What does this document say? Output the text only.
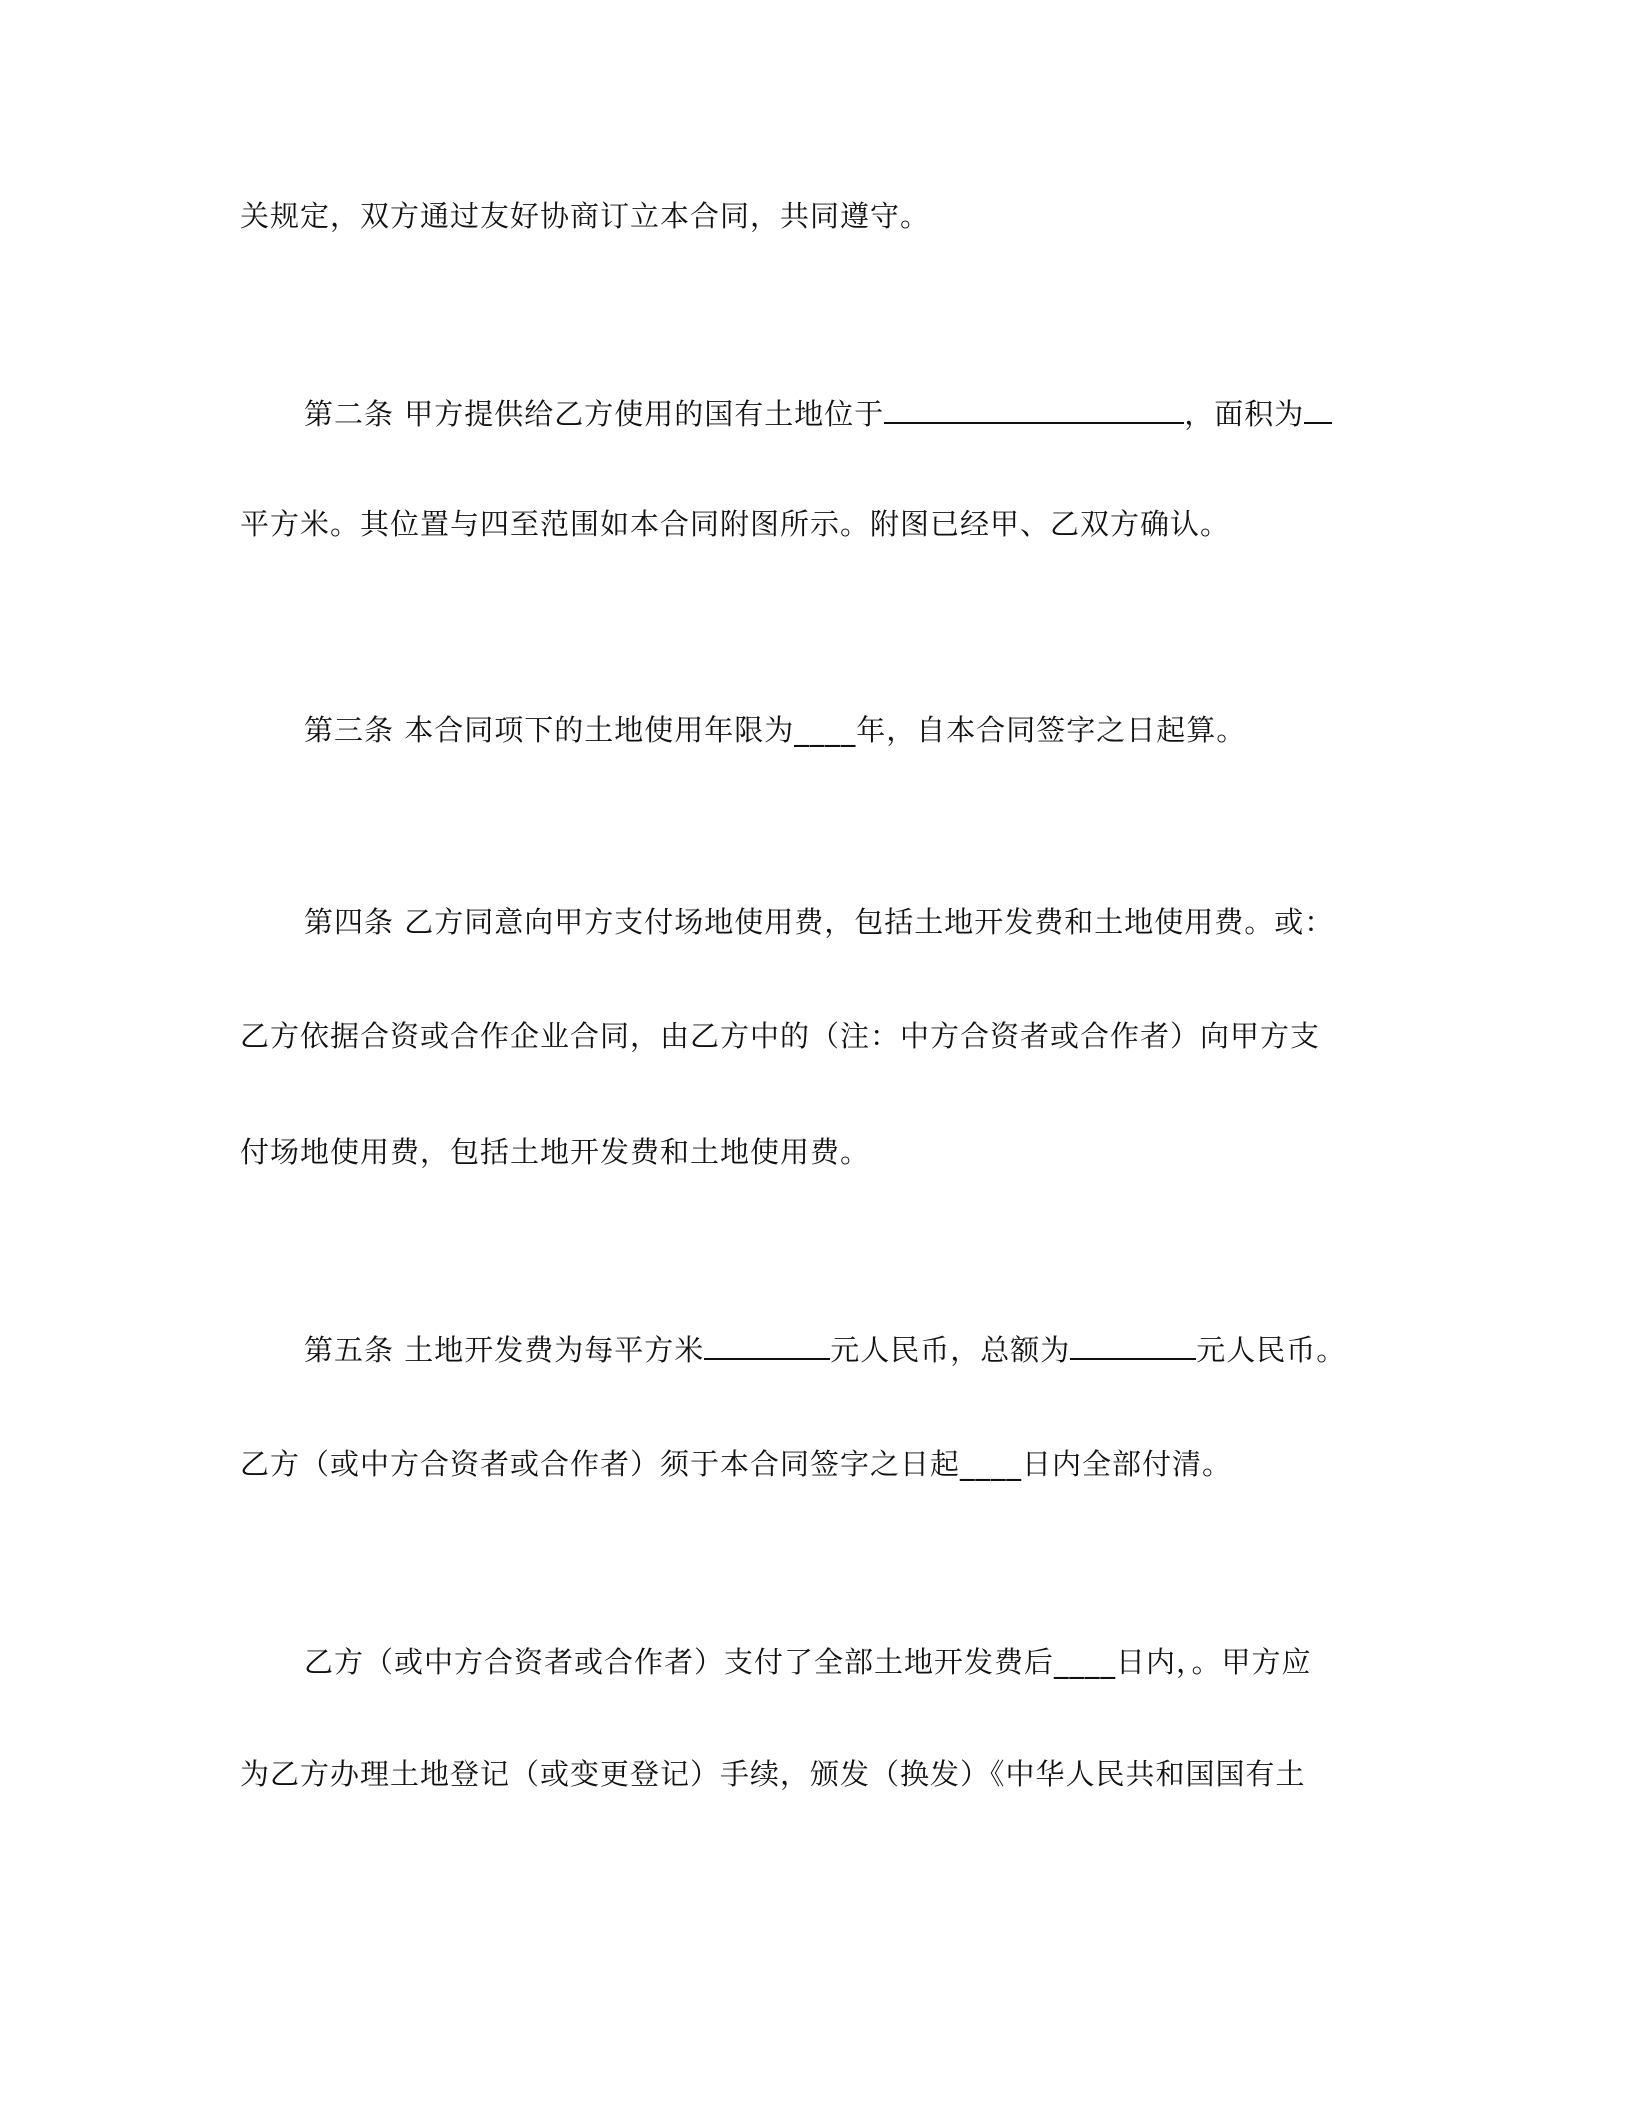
关规定，双方通过友好协商订立本合同，共同遵守。
第二条 甲方提供给乙方使用的国有土地位于	，面积为
平方米。其位置与四至范围如本合同附图所示。附图已经甲、乙双方确认。
第三条 本合同项下的土地使用年限为____年，自本合同签字之日起算。
第四条 乙方同意向甲方支付场地使用费，包括土地开发费和土地使用费。或：
乙方依据合资或合作企业合同，由乙方中的（注：中方合资者或合作者）向甲方支
付场地使用费，包括土地开发费和土地使用费。
第五条 土地开发费为每平方米	元人民币，总额为	元人民币。
乙方（或中方合资者或合作者）须于本合同签字之日起____日内全部付清。
乙方（或中方合资者或合作者）支付了全部土地开发费后____日内，。甲方应
为乙方办理土地登记（或变更登记）手续，颁发（换发）《中华人民共和国国有土
